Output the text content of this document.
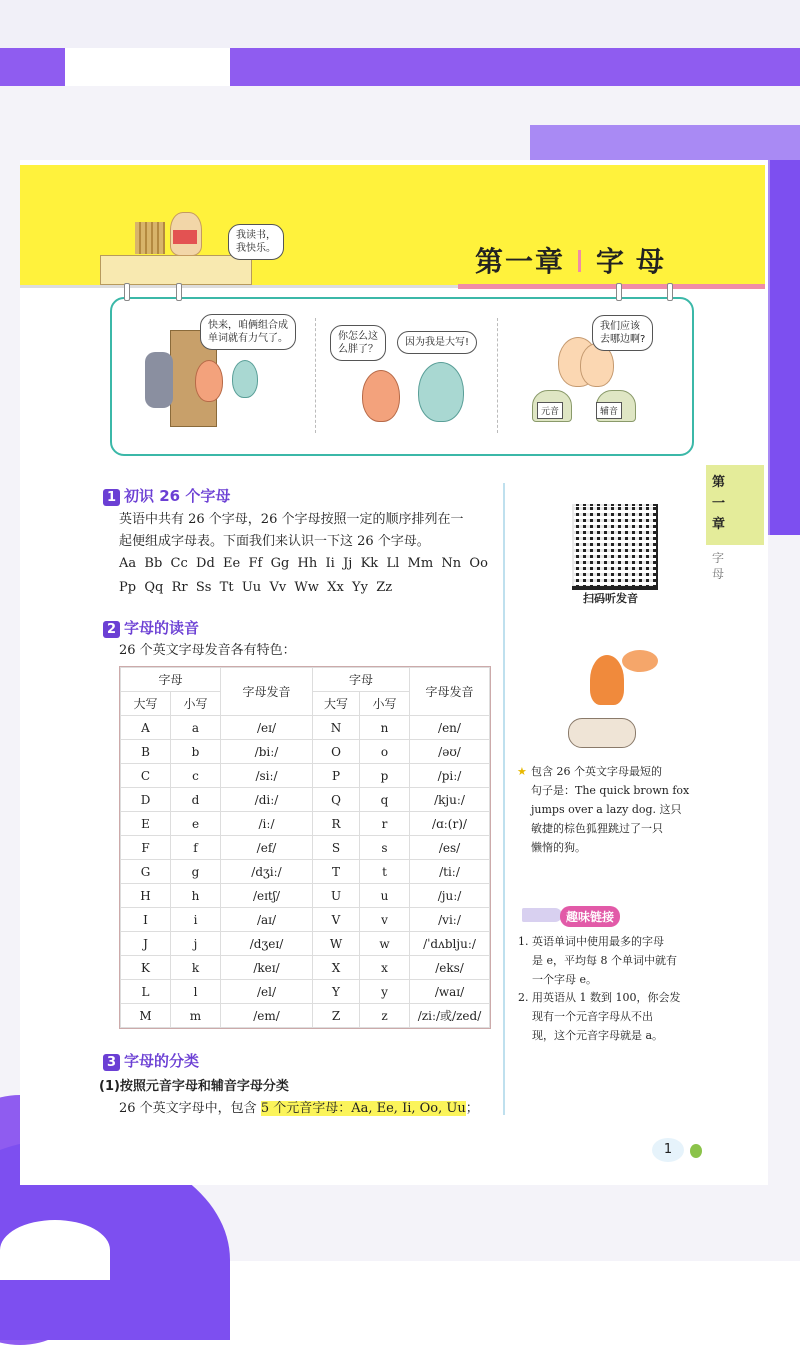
我读书，
我快乐。	第一章 字母
快来，咱俩组合成
单词就有力气了。	你怎么这
么胖了？
因为我是大写!
元音	辅音
我们应该
去哪边啊?
1 初识 26 个字母
英语中共有 26 个字母，26 个字母按照一定的顺序排列在一
起便组成字母表。下面我们来认识一下这 26 个字母。
Aa  Bb  Cc  Dd  Ee  Ff  Gg  Hh  Ii  Jj  Kk  Ll  Mm  Nn  Oo
Pp  Qq  Rr  Ss  Tt  Uu  Vv  Ww  Xx  Yy  Zz
2 字母的读音
26 个英文字母发音各有特色：
字母		字母发音	字母		字母发音
大写	小写		大写	小写	
A	a	/eɪ/	N	n	/en/
B	b	/biː/	O	o	/əʊ/
C	c	/siː/	P	p	/piː/
D	d	/diː/	Q	q	/kjuː/
E	e	/iː/	R	r	/ɑː(r)/
F	f	/ef/	S	s	/es/
G	g	/dʒiː/	T	t	/tiː/
H	h	/eɪtʃ/	U	u	/juː/
I	i	/aɪ/	V	v	/viː/
J	j	/dʒeɪ/	W	w	/ˈdʌbljuː/
K	k	/keɪ/	X	x	/eks/
L	l	/el/	Y	y	/waɪ/
M	m	/em/	Z	z	/ziː/或/zed/
3 字母的分类
(1)按照元音字母和辅音字母分类
26 个英文字母中，包含 5 个元音字母：Aa, Ee, Ii, Oo, Uu；
第
一
章
字
母
扫码听发音
★ 包含 26 个英文字母最短的
句子是：The quick brown fox
jumps over a lazy dog. 这只
敏捷的棕色狐狸跳过了一只
懒惰的狗。
趣味链接
1. 英语单词中使用最多的字母
是 e，平均每 8 个单词中就有
一个字母 e。
2. 用英语从 1 数到 100，你会发
现有一个元音字母从不出
现，这个元音字母就是 a。
1
